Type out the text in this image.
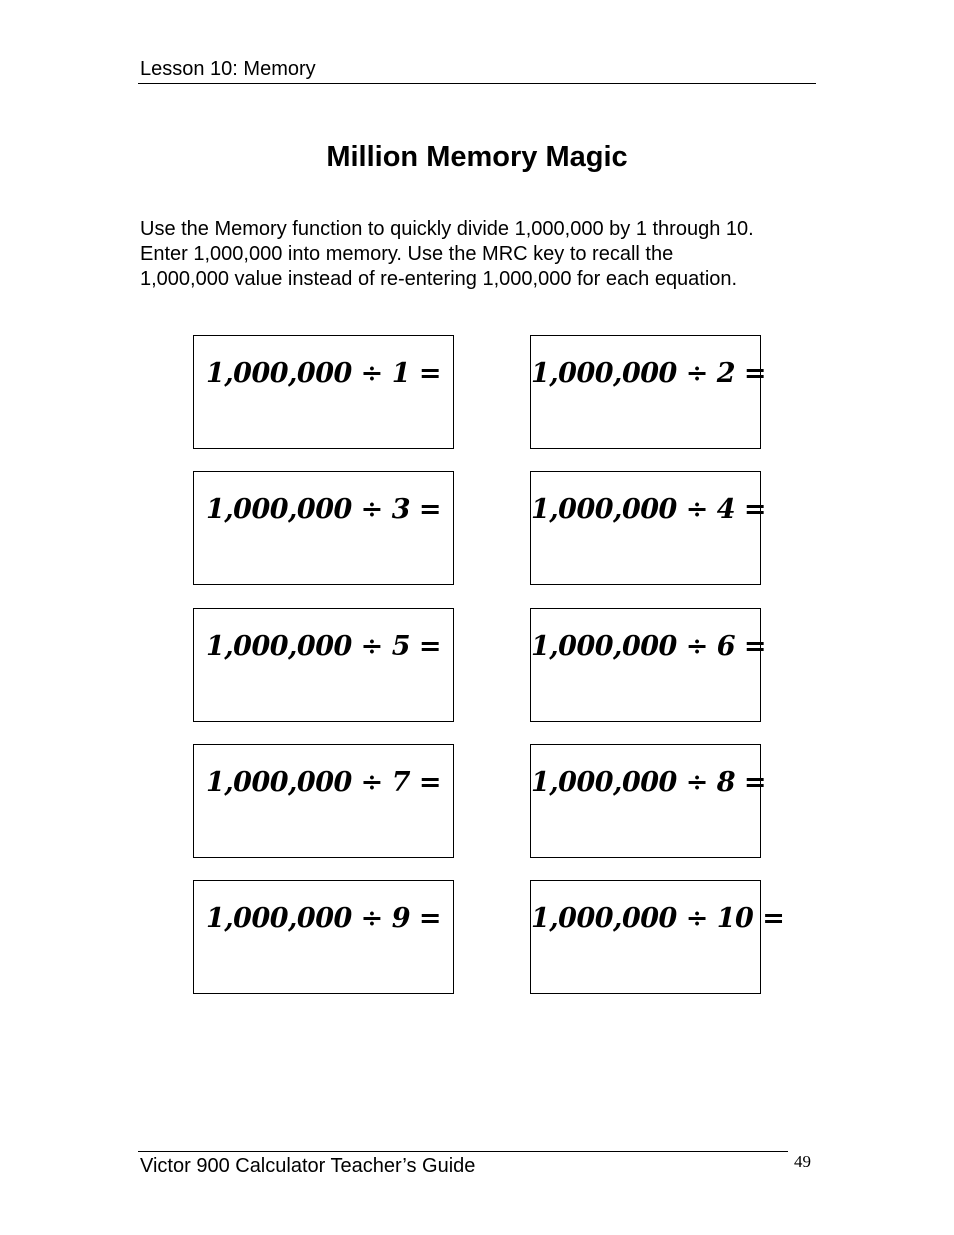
Lesson 10: Memory
Million Memory Magic
Use the Memory function to quickly divide 1,000,000 by 1 through 10.
Enter 1,000,000 into memory. Use the MRC key to recall the
1,000,000 value instead of re-entering 1,000,000 for each equation.
1,000,000 ÷ 1 =	1,000,000 ÷ 2 =
1,000,000 ÷ 3 =	1,000,000 ÷ 4 =
1,000,000 ÷ 5 =	1,000,000 ÷ 6 =
1,000,000 ÷ 7 =	1,000,000 ÷ 8 =
1,000,000 ÷ 9 =	1,000,000 ÷ 10 =
Victor 900 Calculator Teacher’s Guide	49
